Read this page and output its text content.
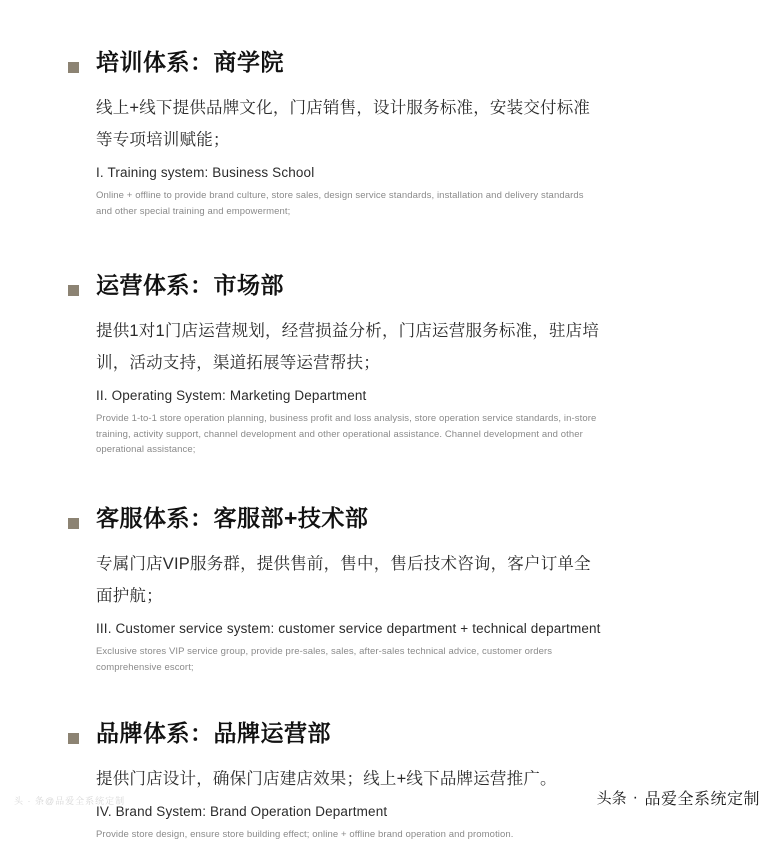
培训体系：商学院
线上+线下提供品牌文化，门店销售，设计服务标准，安装交付标准等专项培训赋能；
I. Training system: Business School
Online + offline to provide brand culture, store sales, design service standards, installation and delivery standards and other special training and empowerment;
运营体系：市场部
提供1对1门店运营规划，经营损益分析，门店运营服务标准，驻店培训，活动支持，渠道拓展等运营帮扶；
II. Operating System: Marketing Department
Provide 1-to-1 store operation planning, business profit and loss analysis, store operation service standards, in-store training, activity support, channel development and other operational assistance. Channel development and other operational assistance;
客服体系：客服部+技术部
专属门店VIP服务群，提供售前，售中，售后技术咨询，客户订单全面护航；
III. Customer service system: customer service department + technical department
Exclusive stores VIP service group, provide pre-sales, sales, after-sales technical advice, customer orders comprehensive escort;
品牌体系：品牌运营部
提供门店设计，确保门店建店效果；线上+线下品牌运营推广。
IV. Brand System: Brand Operation Department
Provide store design, ensure store building effect; online + offline brand operation and promotion.
头 · 条@品爱全系统定制	头条 · 品爱全系统定制
